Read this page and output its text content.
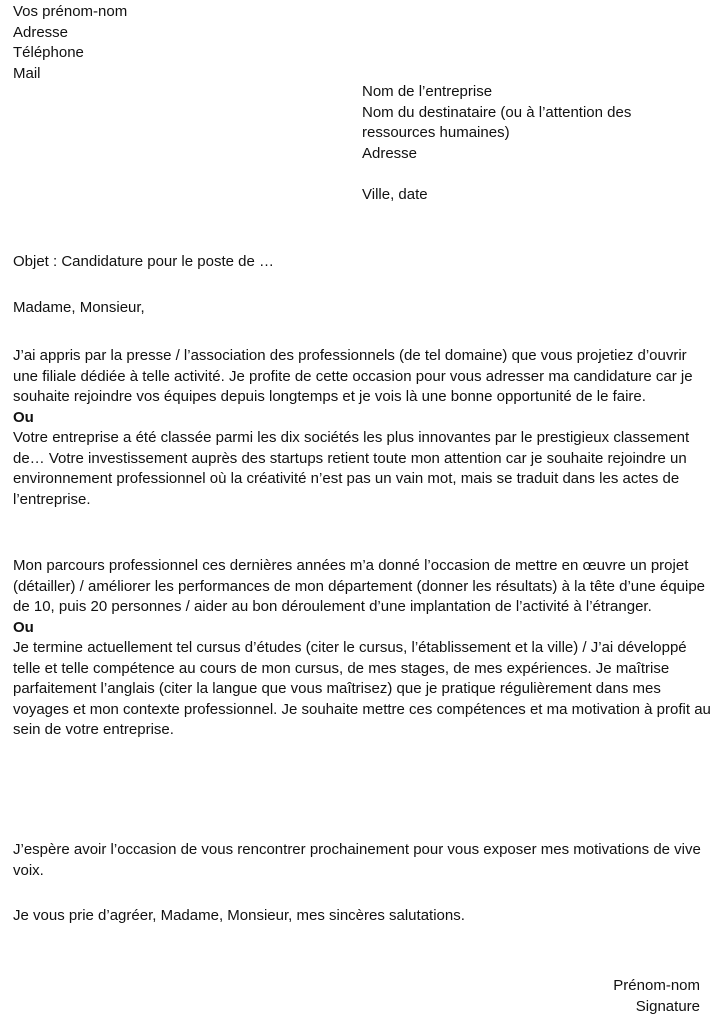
Vos prénom-nom
Adresse
Téléphone
Mail
Nom de l’entreprise
Nom du destinataire (ou à l’attention des
ressources humaines)
Adresse
Ville, date
Objet : Candidature pour le poste de …
Madame, Monsieur,
J’ai appris par la presse / l’association des professionnels (de tel domaine) que vous projetiez d’ouvrir une filiale dédiée à telle activité. Je profite de cette occasion pour vous adresser ma candidature car je souhaite rejoindre vos équipes depuis longtemps et je vois là une bonne opportunité de le faire.
Ou
Votre entreprise a été classée parmi les dix sociétés les plus innovantes par le prestigieux classement de… Votre investissement auprès des startups retient toute mon attention car je souhaite rejoindre un environnement professionnel où la créativité n’est pas un vain mot, mais se traduit dans les actes de l’entreprise.
Mon parcours professionnel ces dernières années m’a donné l’occasion de mettre en œuvre un projet (détailler) / améliorer les performances de mon département (donner les résultats) à la tête d’une équipe de 10, puis 20 personnes / aider au bon déroulement d’une implantation de l’activité à l’étranger.
Ou
Je termine actuellement tel cursus d’études (citer le cursus, l’établissement et la ville) / J’ai développé telle et telle compétence au cours de mon cursus, de mes stages, de mes expériences. Je maîtrise parfaitement l’anglais (citer la langue que vous maîtrisez) que je pratique régulièrement dans mes voyages et mon contexte professionnel. Je souhaite mettre ces compétences et ma motivation à profit au sein de votre entreprise.
J’espère avoir l’occasion de vous rencontrer prochainement pour vous exposer mes motivations de vive voix.
Je vous prie d’agréer, Madame, Monsieur, mes sincères salutations.
Prénom-nom
Signature
